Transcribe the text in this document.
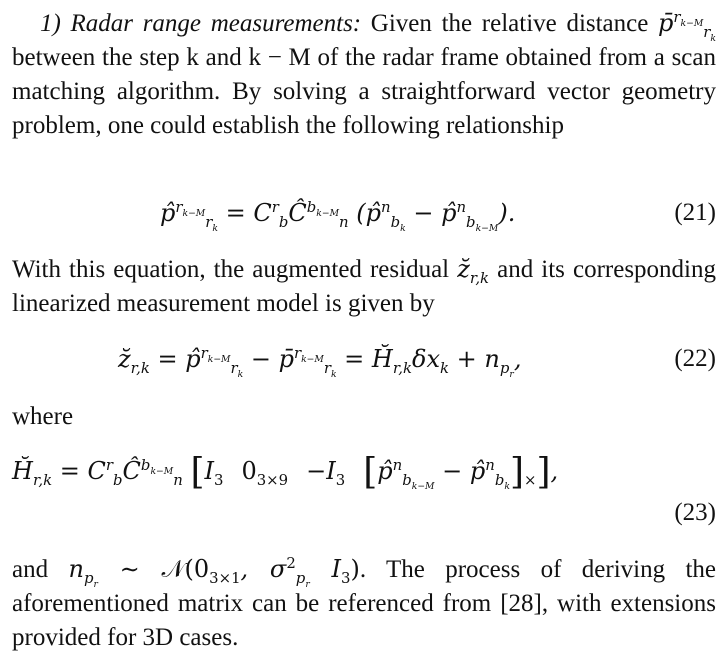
1) Radar range measurements: Given the relative distance p̄$^{r_{k-M}}_{r_k}$ between the step k and k − M of the radar frame obtained from a scan matching algorithm. By solving a straightforward vector geometry problem, one could establish the following relationship
p̂$^{r_{k-M}}_{r_k}$ = $C^r_bĈ^{b_{k-M}}_n$ (p̂$^n_{b_k}$ − p̂$^n_{b_{k-M}}$).	(21)
With this equation, the augmented residual $z̆_{r,k}$ and its corresponding linearized measurement model is given by
$z̆_{r,k}$ = p̂$^{r_{k-M}}_{r_k}$ − p̄$^{r_{k-M}}_{r_k}$ = $H̆_{r,k}\delta x_k + n_{p_r}$,	(22)
where
$H̆_{r,k}$ = $C^r_bĈ^{b_{k-M}}_n$ [$I_3$ $0_{3\times 9} -I_3$ [p̂$^n_{b_{k-M}}$ − $p̂^n_{b_k}]_\times$],
(23)
and $n_{p_r}$ ∼ $𝒩(0_{3\times 1}$, $\sigma^2_{p_r}$ $I_3$). The process of deriving the aforementioned matrix can be referenced from [28], with extensions provided for 3D cases.
